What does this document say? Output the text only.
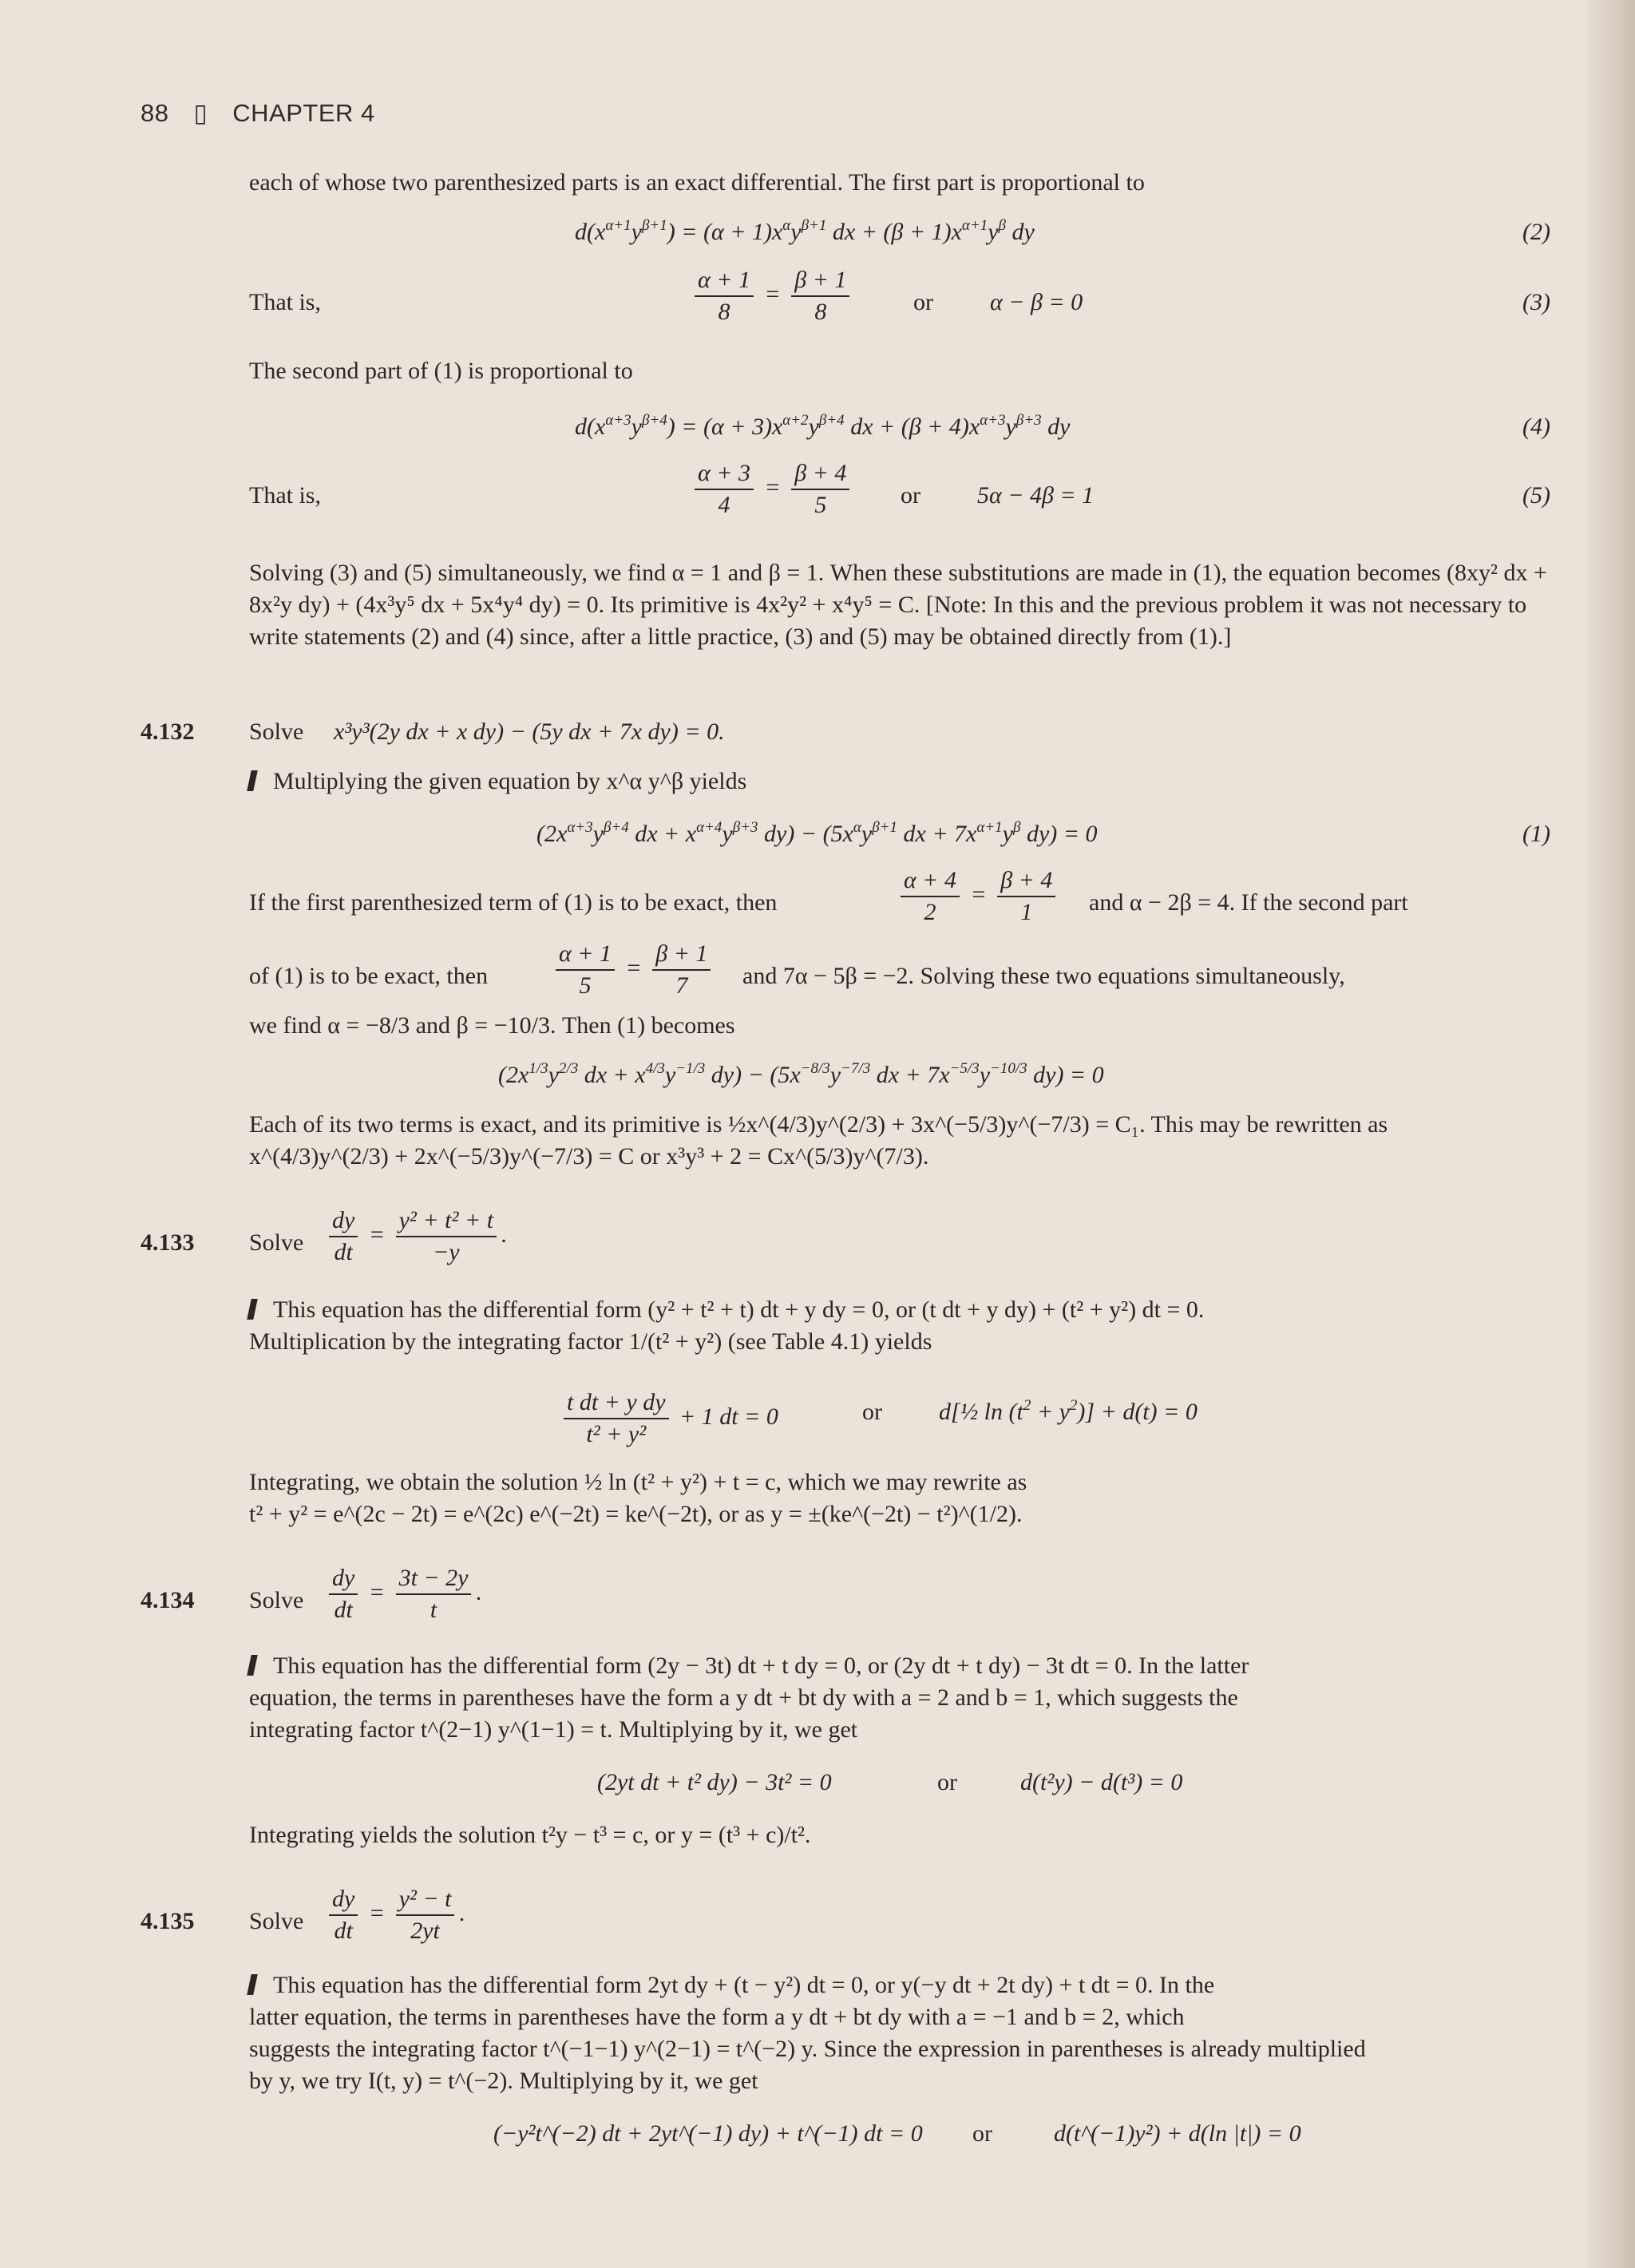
88 ▯ CHAPTER 4
each of whose two parenthesized parts is an exact differential. The first part is proportional to
$d(x^{\alpha+1}y^{\beta+1}) = (\alpha + 1)x^\alpha y^{\beta+1}$ dx + $(\beta + 1)x^{\alpha+1}y^\beta$ dy	(2)
That is,	$\frac{\alpha + 1}{8} = \frac{\beta + 1}{8}$	or α − β = 0	(3)
The second part of (1) is proportional to
$d(x^{\alpha+3}y^{\beta+4}) = (\alpha + 3)x^{\alpha+2}y^{\beta+4}$ dx + $(\beta + 4)x^{\alpha+3}y^{\beta+3}$ dy	(4)
That is,	$\frac{\alpha + 3}{4} = \frac{\beta + 4}{5}$ or 5α − 4β = 1	(5)
Solving (3) and (5) simultaneously, we find α = 1 and β = 1. When these substitutions are made in (1), the equation becomes (8xy² dx + 8x²y dy) + (4x³y⁵ dx + 5x⁴y⁴ dy) = 0. Its primitive is 4x²y² + x⁴y⁵ = C. [Note: In this and the previous problem it was not necessary to write statements (2) and (4) since, after a little practice, (3) and (5) may be obtained directly from (1).]
4.132 Solve x³y³(2y dx + x dy) − (5y dx + 7x dy) = 0.
Multiplying the given equation by x^α y^β yields
($2x^{\alpha+3}y^{\beta+4}$ dx + $x^{\alpha+4}y^{\beta+3}$ $dy) - (5x^\alpha y^{\beta+1}$ dx + $7x^{\alpha+1}y^\beta$ dy) = 0	(1)
If the first parenthesized term of (1) is to be exact, then	$\frac{\alpha + 4}{2} = \frac{\beta + 4}{1}$ and α − 2β = 4. If the second part
of (1) is to be exact, then	$\frac{\alpha + 1}{5} = \frac{\beta + 1}{7}$ and 7α − 5β = −2. Solving these two equations simultaneously,
we find α = −8/3 and β = −10/3. Then (1) becomes
($2x^{1/3}y^{2/3}$ dx + $x^{4/3}y^{-1/3}$ $dy) - (5x^{-8/3}y^{-7/3}$ dx + $7x^{-5/3}y^{-10/3}$ dy) = 0
Each of its two terms is exact, and its primitive is ½x^(4/3)y^(2/3) + 3x^(−5/3)y^(−7/3) = C₁. This may be rewritten as
x^(4/3)y^(2/3) + 2x^(−5/3)y^(−7/3) = C or x³y³ + 2 = Cx^(5/3)y^(7/3).
4.133 Solve $\frac{dy}{dt} = \frac{\text{y² + t² + t}}{-y}$ .
This equation has the differential form (y² + t² + t) dt + y dy = 0, or (t dt + y dy) + (t² + y²) dt = 0.
Multiplication by the integrating factor 1/(t² + y²) (see Table 4.1) yields
$\frac{\text{t dt + y dy}}{\text{t² + y²}} + 1$ dt = 0	or d[½ $\ln (t^2 + y^2)] + d(t) = 0$
Integrating, we obtain the solution ½ ln (t² + y²) + t = c, which we may rewrite as
t² + y² = e^(2c − 2t) = e^(2c) e^(−2t) = ke^(−2t), or as y = ±(ke^(−2t) − t²)^(1/2).
4.134 Solve $\frac{dy}{dt} = \frac{3t - 2y}{t}$ .
This equation has the differential form (2y − 3t) dt + t dy = 0, or (2y dt + t dy) − 3t dt = 0. In the latter
equation, the terms in parentheses have the form a y dt + bt dy with a = 2 and b = 1, which suggests the
integrating factor t^(2−1) y^(1−1) = t. Multiplying by it, we get
(2yt dt + t² dy) − 3t² = 0	or	d(t²y) − d(t³) = 0
Integrating yields the solution t²y − t³ = c, or y = (t³ + c)/t².
4.135 Solve $\frac{dy}{dt} = \frac{\text{y² − t}}{2yt}$ .
This equation has the differential form 2yt dy + (t − y²) dt = 0, or y(−y dt + 2t dy) + t dt = 0. In the
latter equation, the terms in parentheses have the form a y dt + bt dy with a = −1 and b = 2, which
suggests the integrating factor t^(−1−1) y^(2−1) = t^(−2) y. Since the expression in parentheses is already multiplied
by y, we try I(t, y) = t^(−2). Multiplying by it, we get
(−y²t^(−2) dt + 2yt^(−1) dy) + t^(−1) dt = 0 or	d(t^(−1)y²) + d(ln |t|) = 0
